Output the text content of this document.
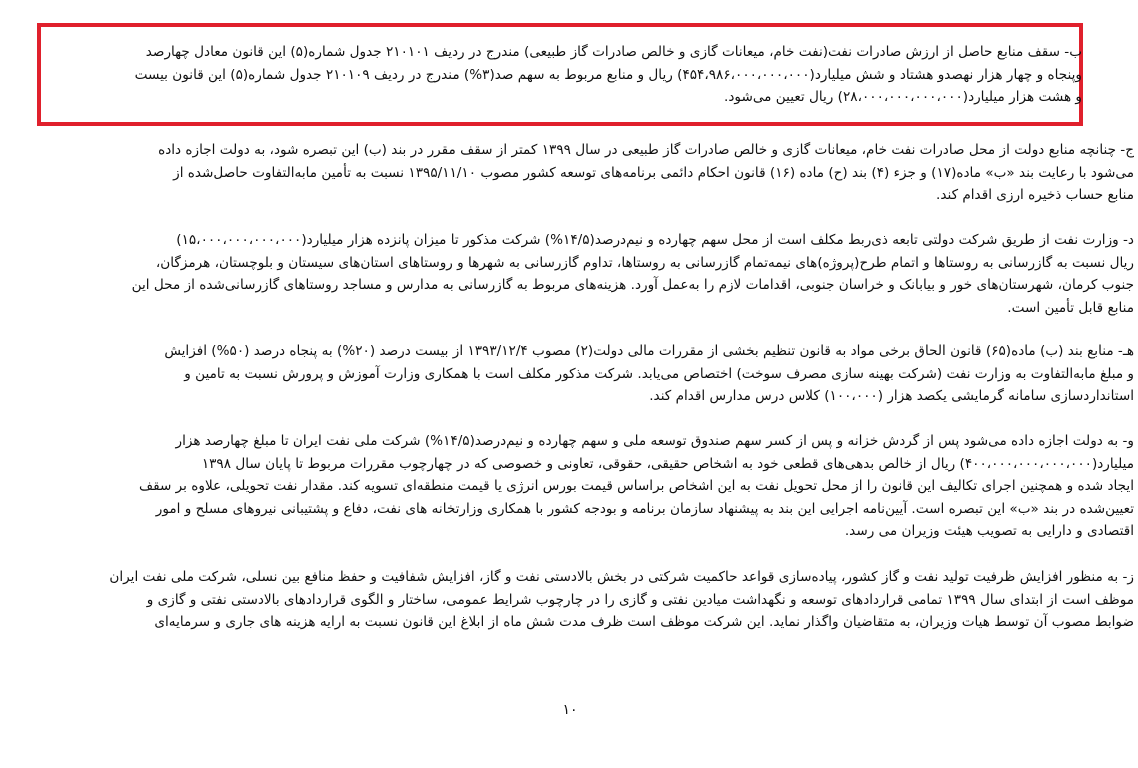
ب- سقف منابع حاصل از ارزش صادرات نفت(نفت خام، میعانات گازی و خالص صادرات گاز طبیعی) مندرج در ردیف ۲۱۰۱۰۱ جدول شماره(۵) این قانون معادل چهارصد
وپنجاه و چهار هزار نهصدو هشتاد و شش میلیارد(۴۵۴،۹۸۶،۰۰۰،۰۰۰،۰۰۰) ریال و منابع مربوط به سهم صد(۳%) مندرج در ردیف ۲۱۰۱۰۹ جدول شماره(۵) این قانون بیست
و هشت هزار میلیارد(۲۸،۰۰۰،۰۰۰،۰۰۰،۰۰۰) ریال تعیین می‌شود.
ج- چنانچه منابع دولت از محل صادرات نفت خام، میعانات گازی و خالص صادرات گاز طبیعی در سال ۱۳۹۹ کمتر از سقف مقرر در بند (ب) این تبصره شود، به دولت اجازه داده
می‌شود با رعایت بند «ب» ماده(۱۷) و جزء (۴) بند (ح) ماده (۱۶) قانون احکام دائمی برنامه‌های توسعه‌ کشور مصوب ۱۳۹۵/۱۱/۱۰ نسبت به تأمین مابه‌التفاوت حاصل‌شده از
منابع حساب ذخیره ارزی اقدام کند.
د- وزارت نفت از طریق شرکت دولتی تابعه ذی‌ربط مکلف است از محل سهم چهارده و نیم‌درصد(۱۴/۵%) شرکت مذکور تا میزان پانزده هزار میلیارد(۱۵،۰۰۰،۰۰۰،۰۰۰،۰۰۰)
ریال نسبت به گازرسانی به روستاها و اتمام طرح(پروژه)های نیمه‌تمام گازرسانی به روستاها، تداوم گازرسانی به شهرها و روستاهای استان‌های سیستان و بلوچستان، هرمزگان،
جنوب کرمان، شهرستان‌های خور و بیابانک و خراسان جنوبی، اقدامات لازم را به‌عمل آورد. هزینه‌های مربوط به گازرسانی به مدارس و مساجد روستاهای گازرسانی‌شده از محل این
منابع قابل تأمین است.
هـ- منابع بند (ب) ماده(۶۵) قانون الحاق برخی مواد به قانون تنظیم بخشی از مقررات مالی دولت(۲) مصوب ۱۳۹۳/۱۲/۴ از بیست درصد (۲۰%) به پنجاه درصد (۵۰%) افزایش
و مبلغ مابه‌التفاوت به وزارت نفت (شرکت بهینه سازی مصرف سوخت) اختصاص می‌یابد. شرکت مذکور مکلف است با همکاری وزارت آموزش و پرورش نسبت به تامین و
استانداردسازی سامانه گرمایشی یکصد هزار (۱۰۰،۰۰۰) کلاس درس مدارس اقدام کند.
و- به دولت اجازه داده می‌شود پس از گردش خزانه و پس از کسر سهم صندوق توسعه ملی و سهم چهارده و نیم‌درصد(۱۴/۵%) شرکت ملی نفت ایران تا مبلغ چهارصد هزار
میلیارد(۴۰۰،۰۰۰،۰۰۰،۰۰۰،۰۰۰) ریال از خالص بدهی‌های قطعی خود به اشخاص حقیقی، حقوقی، تعاونی و خصوصی که در چهارچوب مقررات مربوط تا پایان سال ۱۳۹۸
ایجاد شده و همچنین اجرای تکالیف این قانون را از محل تحویل نفت به این اشخاص براساس قیمت بورس انرژی یا قیمت منطقه‌ای تسویه کند. مقدار نفت تحویلی، علاوه بر سقف
تعیین‌شده در بند «ب» این تبصره است. آیین‌نامه اجرایی این بند به پیشنهاد سازمان برنامه و بودجه کشور با همکاری وزارتخانه های نفت، دفاع و پشتیبانی نیروهای مسلح و امور
اقتصادی و دارایی به تصویب هیئت وزیران می رسد.
ز- به منظور افزایش ظرفیت تولید نفت و گاز کشور، پیاده‌سازی قواعد حاکمیت شرکتی در بخش بالادستی نفت و گاز، افزایش شفافیت و حفظ منافع بین نسلی، شرکت ملی نفت ایران
موظف است از ابتدای سال ۱۳۹۹ تمامی قراردادهای توسعه و نگهداشت میادین نفتی و گازی را در چارچوب شرایط عمومی، ساختار و الگوی قراردادهای بالادستی نفتی و گازی و
ضوابط مصوب آن توسط هیات وزیران، به متقاضیان واگذار نماید. این شرکت موظف است ظرف مدت شش ماه از ابلاغ این قانون نسبت به ارایه هزینه های جاری و سرمایه‌ای
۱۰
